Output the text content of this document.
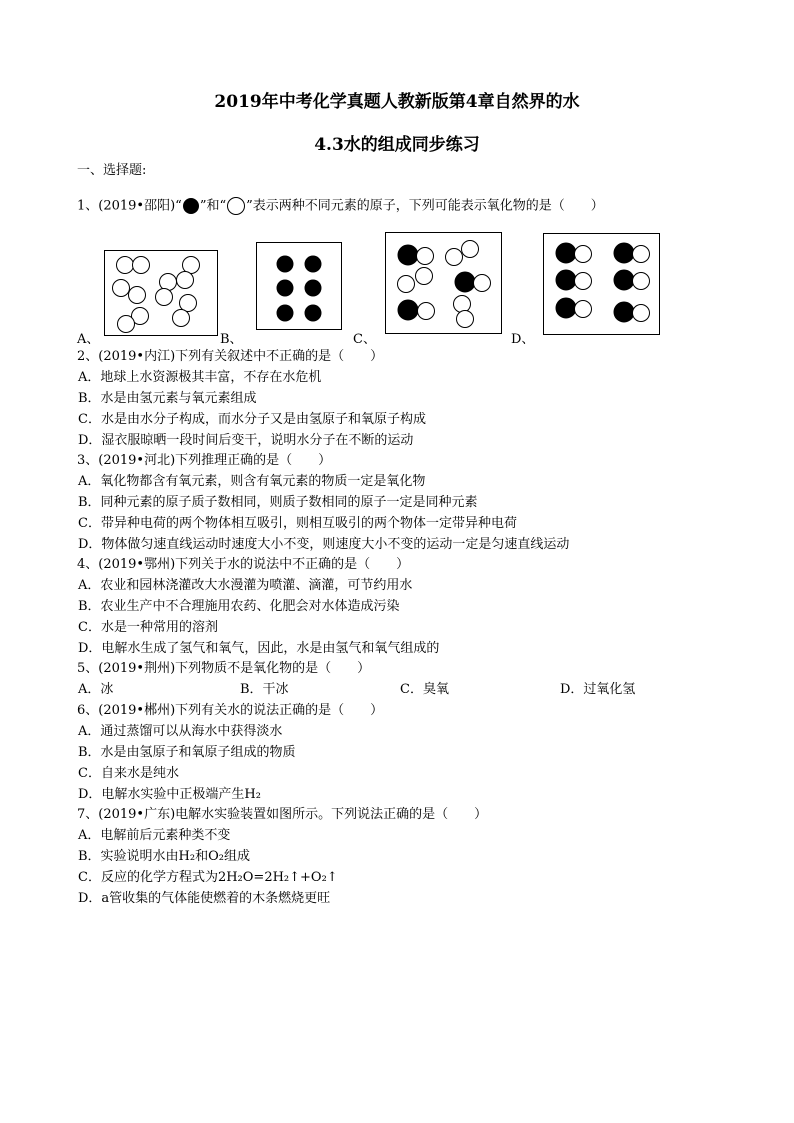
2019年中考化学真题人教新版第4章自然界的水
4.3水的组成同步练习
一、选择题:
1、(2019•邵阳)“ ”和“ ”表示两种不同元素的原子，下列可能表示氧化物的是（　　）
A、	B、	C、	D、
2、(2019•内江)下列有关叙述中不正确的是（　　）
A．地球上水资源极其丰富，不存在水危机
B．水是由氢元素与氧元素组成
C．水是由水分子构成，而水分子又是由氢原子和氧原子构成
D．湿衣服晾晒一段时间后变干，说明水分子在不断的运动
3、(2019•河北)下列推理正确的是（　　）
A．氧化物都含有氧元素，则含有氧元素的物质一定是氧化物
B．同种元素的原子质子数相同，则质子数相同的原子一定是同种元素
C．带异种电荷的两个物体相互吸引，则相互吸引的两个物体一定带异种电荷
D．物体做匀速直线运动时速度大小不变，则速度大小不变的运动一定是匀速直线运动
4、(2019•鄂州)下列关于水的说法中不正确的是（　　）
A．农业和园林浇灌改大水漫灌为喷灌、滴灌，可节约用水
B．农业生产中不合理施用农药、化肥会对水体造成污染
C．水是一种常用的溶剂
D．电解水生成了氢气和氧气，因此，水是由氢气和氧气组成的
5、(2019•荆州)下列物质不是氧化物的是（　　）
A．冰	B．干冰	C．臭氧	D．过氧化氢
6、(2019•郴州)下列有关水的说法正确的是（　　）
A．通过蒸馏可以从海水中获得淡水
B．水是由氢原子和氧原子组成的物质
C．自来水是纯水
D．电解水实验中正极端产生H₂
7、(2019•广东)电解水实验装置如图所示。下列说法正确的是（　　）
A．电解前后元素种类不变
B．实验说明水由H₂和O₂组成
C．反应的化学方程式为2H₂O=2H₂↑+O₂↑
D．a管收集的气体能使燃着的木条燃烧更旺
